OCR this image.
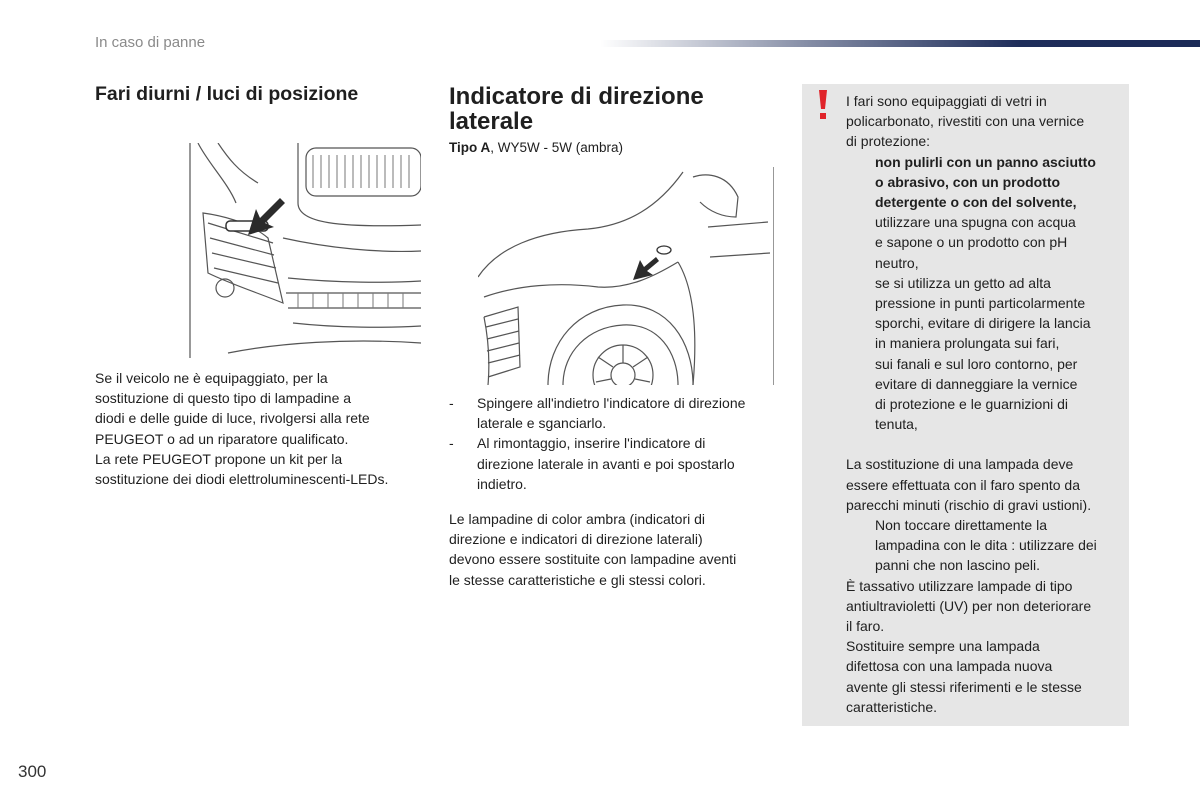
In caso di panne
Fari diurni / luci di posizione
Se il veicolo ne è equipaggiato, per la
sostituzione di questo tipo di lampadine a
diodi e delle guide di luce, rivolgersi alla rete
PEUGEOT o ad un riparatore qualificato.
La rete PEUGEOT propone un kit per la
sostituzione dei diodi elettroluminescenti-LEDs.
Indicatore di direzione
laterale
Tipo A, WY5W - 5W (ambra)
-	Spingere all'indietro l'indicatore di direzione
laterale e sganciarlo.
-	Al rimontaggio, inserire l'indicatore di
direzione laterale in avanti e poi spostarlo
indietro.
Le lampadine di color ambra (indicatori di
direzione e indicatori di direzione laterali)
devono essere sostituite con lampadine aventi
le stesse caratteristiche e gli stessi colori.
I fari sono equipaggiati di vetri in
policarbonato, rivestiti con una vernice
di protezione:
non pulirli con un panno asciutto
o abrasivo, con un prodotto
detergente o con del solvente,
utilizzare una spugna con acqua
e sapone o un prodotto con pH
neutro,
se si utilizza un getto ad alta
pressione in punti particolarmente
sporchi, evitare di dirigere la lancia
in maniera prolungata sui fari,
sui fanali e sul loro contorno, per
evitare di danneggiare la vernice
di protezione e le guarnizioni di
tenuta,
La sostituzione di una lampada deve
essere effettuata con il faro spento da
parecchi minuti (rischio di gravi ustioni).
Non toccare direttamente la
lampadina con le dita : utilizzare dei
panni che non lascino peli.
È tassativo utilizzare lampade di tipo
antiultravioletti (UV) per non deteriorare
il faro.
Sostituire sempre una lampada
difettosa con una lampada nuova
avente gli stessi riferimenti e le stesse
caratteristiche.
300
